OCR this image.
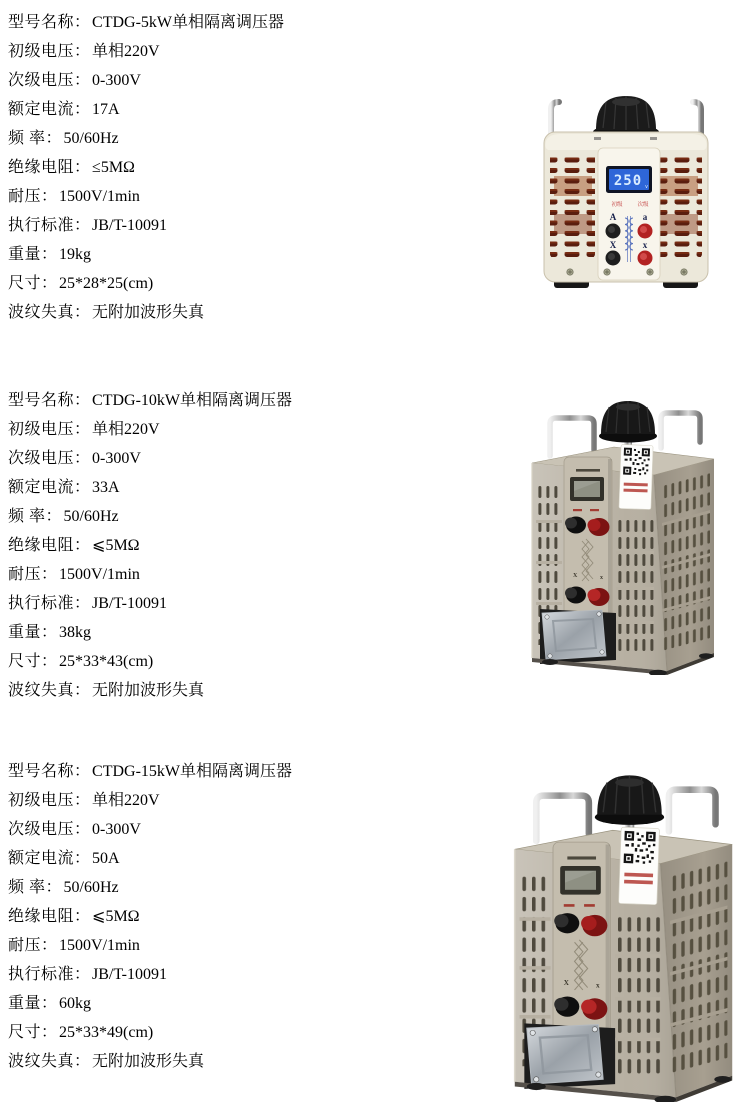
型号名称： CTDG-5kW单相隔离调压器
初级电压： 单相220V
次级电压： 0-300V
额定电流： 17A
频 率： 50/60Hz
绝缘电阻： ≤5MΩ
耐压： 1500V/1min
执行标准： JB/T-10091
重量： 19kg
尺寸： 25*28*25(cm)
波纹失真： 无附加波形失真
型号名称： CTDG-10kW单相隔离调压器
初级电压： 单相220V
次级电压： 0-300V
额定电流： 33A
频 率： 50/60Hz
绝缘电阻： ⩽5MΩ
耐压： 1500V/1min
执行标准： JB/T-10091
重量： 38kg
尺寸： 25*33*43(cm)
波纹失真： 无附加波形失真
型号名称： CTDG-15kW单相隔离调压器
初级电压： 单相220V
次级电压： 0-300V
额定电流： 50A
频 率： 50/60Hz
绝缘电阻： ⩽5MΩ
耐压： 1500V/1min
执行标准： JB/T-10091
重量： 60kg
尺寸： 25*33*49(cm)
波纹失真： 无附加波形失真
250 v
初级	次级
A	a
X	x
